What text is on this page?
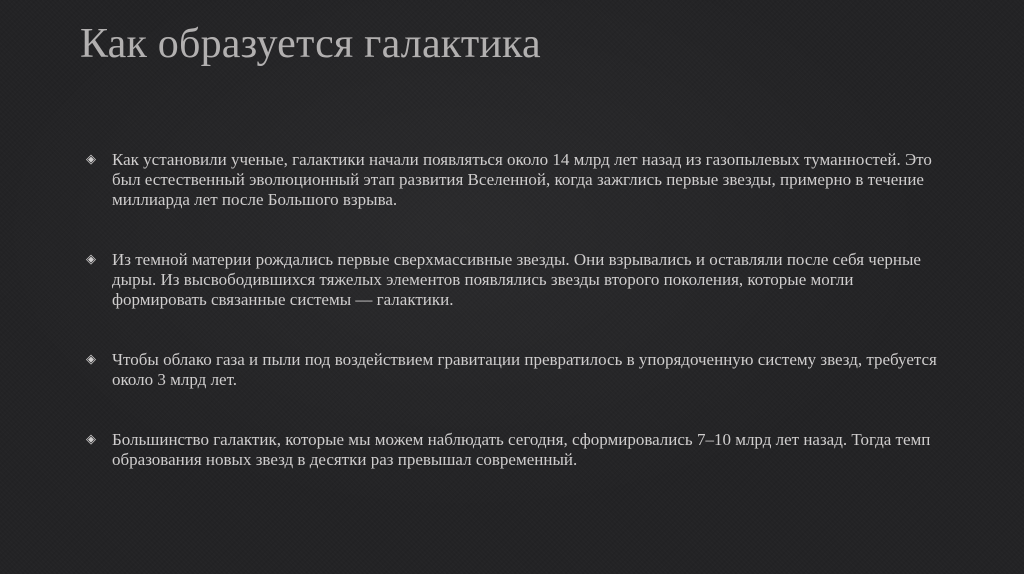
Как образуется галактика
◈ Как установили ученые, галактики начали появляться около 14 млрд лет назад из газопылевых туманностей. Это был естественный эволюционный этап развития Вселенной, когда зажглись первые звезды, примерно в течение миллиарда лет после Большого взрыва.
◈ Из темной материи рождались первые сверхмассивные звезды. Они взрывались и оставляли после себя черные дыры. Из высвободившихся тяжелых элементов появлялись звезды второго поколения, которые могли формировать связанные системы — галактики.
◈ Чтобы облако газа и пыли под воздействием гравитации превратилось в упорядоченную систему звезд, требуется около 3 млрд лет.
◈ Большинство галактик, которые мы можем наблюдать сегодня, сформировались 7–10 млрд лет назад. Тогда темп образования новых звезд в десятки раз превышал современный.
